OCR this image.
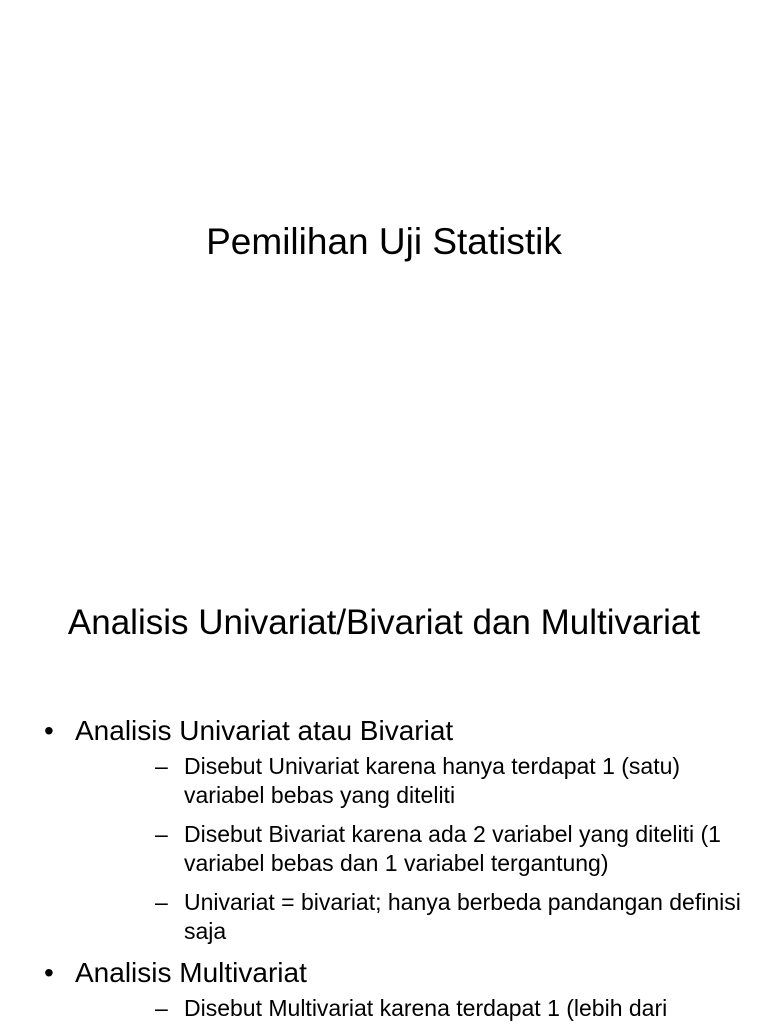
Pemilihan Uji Statistik
Analisis Univariat/Bivariat dan Multivariat
• Analisis Univariat atau Bivariat
– Disebut Univariat karena hanya terdapat 1 (satu) variabel bebas yang diteliti
– Disebut Bivariat karena ada 2 variabel yang diteliti (1 variabel bebas dan 1 variabel tergantung)
– Univariat = bivariat; hanya berbeda pandangan definisi saja
• Analisis Multivariat
– Disebut Multivariat karena terdapat 1 (lebih dari
